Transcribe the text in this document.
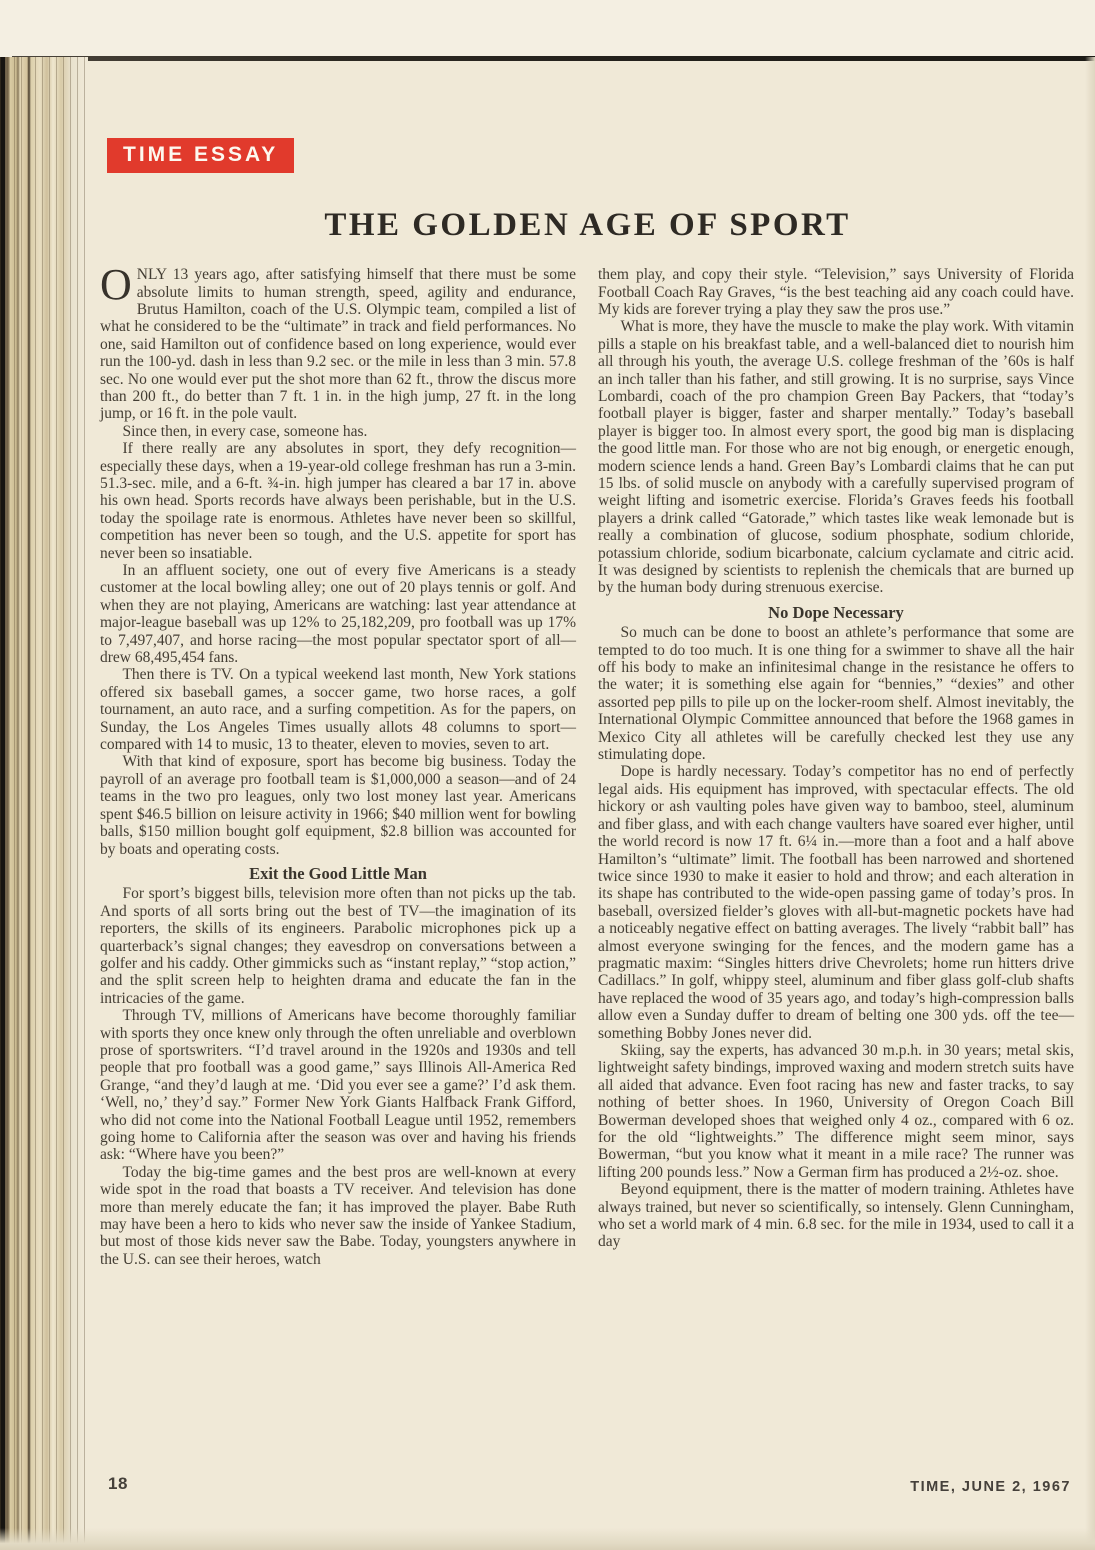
TIME ESSAY
THE GOLDEN AGE OF SPORT

ONLY 13 years ago, after satisfying himself that there must be some absolute limits to human strength, speed, agility and endurance, Brutus Hamilton, coach of the U.S. Olympic team, compiled a list of what he considered to be the “ultimate” in track and field performances. No one, said Hamilton out of confidence based on long experience, would ever run the 100-yd. dash in less than 9.2 sec. or the mile in less than 3 min. 57.8 sec. No one would ever put the shot more than 62 ft., throw the discus more than 200 ft., do better than 7 ft. 1 in. in the high jump, 27 ft. in the long jump, or 16 ft. in the pole vault.

Since then, in every case, someone has.

If there really are any absolutes in sport, they defy recognition—especially these days, when a 19-year-old college freshman has run a 3-min. 51.3-sec. mile, and a 6-ft. ¾-in. high jumper has cleared a bar 17 in. above his own head. Sports records have always been perishable, but in the U.S. today the spoilage rate is enormous. Athletes have never been so skillful, competition has never been so tough, and the U.S. appetite for sport has never been so insatiable.

In an affluent society, one out of every five Americans is a steady customer at the local bowling alley; one out of 20 plays tennis or golf. And when they are not playing, Americans are watching: last year attendance at major-league baseball was up 12% to 25,182,209, pro football was up 17% to 7,497,407, and horse racing—the most popular spectator sport of all—drew 68,495,454 fans.

Then there is TV. On a typical weekend last month, New York stations offered six baseball games, a soccer game, two horse races, a golf tournament, an auto race, and a surfing competition. As for the papers, on Sunday, the Los Angeles Times usually allots 48 columns to sport—compared with 14 to music, 13 to theater, eleven to movies, seven to art.

With that kind of exposure, sport has become big business. Today the payroll of an average pro football team is $1,000,000 a season—and of 24 teams in the two pro leagues, only two lost money last year. Americans spent $46.5 billion on leisure activity in 1966; $40 million went for bowling balls, $150 million bought golf equipment, $2.8 billion was accounted for by boats and operating costs.

Exit the Good Little Man

For sport’s biggest bills, television more often than not picks up the tab. And sports of all sorts bring out the best of TV—the imagination of its reporters, the skills of its engineers. Parabolic microphones pick up a quarterback’s signal changes; they eavesdrop on conversations between a golfer and his caddy. Other gimmicks such as “instant replay,” “stop action,” and the split screen help to heighten drama and educate the fan in the intricacies of the game.

Through TV, millions of Americans have become thoroughly familiar with sports they once knew only through the often unreliable and overblown prose of sportswriters. “I’d travel around in the 1920s and 1930s and tell people that pro football was a good game,” says Illinois All-America Red Grange, “and they’d laugh at me. ‘Did you ever see a game?’ I’d ask them. ‘Well, no,’ they’d say.” Former New York Giants Halfback Frank Gifford, who did not come into the National Football League until 1952, remembers going home to California after the season was over and having his friends ask: “Where have you been?”

Today the big-time games and the best pros are well-known at every wide spot in the road that boasts a TV receiver. And television has done more than merely educate the fan; it has improved the player. Babe Ruth may have been a hero to kids who never saw the inside of Yankee Stadium, but most of those kids never saw the Babe. Today, youngsters anywhere in the U.S. can see their heroes, watch

them play, and copy their style. “Television,” says University of Florida Football Coach Ray Graves, “is the best teaching aid any coach could have. My kids are forever trying a play they saw the pros use.”

What is more, they have the muscle to make the play work. With vitamin pills a staple on his breakfast table, and a well-balanced diet to nourish him all through his youth, the average U.S. college freshman of the ’60s is half an inch taller than his father, and still growing. It is no surprise, says Vince Lombardi, coach of the pro champion Green Bay Packers, that “today’s football player is bigger, faster and sharper mentally.” Today’s baseball player is bigger too. In almost every sport, the good big man is displacing the good little man. For those who are not big enough, or energetic enough, modern science lends a hand. Green Bay’s Lombardi claims that he can put 15 lbs. of solid muscle on anybody with a carefully supervised program of weight lifting and isometric exercise. Florida’s Graves feeds his football players a drink called “Gatorade,” which tastes like weak lemonade but is really a combination of glucose, sodium phosphate, sodium chloride, potassium chloride, sodium bicarbonate, calcium cyclamate and citric acid. It was designed by scientists to replenish the chemicals that are burned up by the human body during strenuous exercise.

No Dope Necessary

So much can be done to boost an athlete’s performance that some are tempted to do too much. It is one thing for a swimmer to shave all the hair off his body to make an infinitesimal change in the resistance he offers to the water; it is something else again for “bennies,” “dexies” and other assorted pep pills to pile up on the locker-room shelf. Almost inevitably, the International Olympic Committee announced that before the 1968 games in Mexico City all athletes will be carefully checked lest they use any stimulating dope.

Dope is hardly necessary. Today’s competitor has no end of perfectly legal aids. His equipment has improved, with spectacular effects. The old hickory or ash vaulting poles have given way to bamboo, steel, aluminum and fiber glass, and with each change vaulters have soared ever higher, until the world record is now 17 ft. 6¼ in.—more than a foot and a half above Hamilton’s “ultimate” limit. The football has been narrowed and shortened twice since 1930 to make it easier to hold and throw; and each alteration in its shape has contributed to the wide-open passing game of today’s pros. In baseball, oversized fielder’s gloves with all-but-magnetic pockets have had a noticeably negative effect on batting averages. The lively “rabbit ball” has almost everyone swinging for the fences, and the modern game has a pragmatic maxim: “Singles hitters drive Chevrolets; home run hitters drive Cadillacs.” In golf, whippy steel, aluminum and fiber glass golf-club shafts have replaced the wood of 35 years ago, and today’s high-compression balls allow even a Sunday duffer to dream of belting one 300 yds. off the tee—something Bobby Jones never did.

Skiing, say the experts, has advanced 30 m.p.h. in 30 years; metal skis, lightweight safety bindings, improved waxing and modern stretch suits have all aided that advance. Even foot racing has new and faster tracks, to say nothing of better shoes. In 1960, University of Oregon Coach Bill Bowerman developed shoes that weighed only 4 oz., compared with 6 oz. for the old “lightweights.” The difference might seem minor, says Bowerman, “but you know what it meant in a mile race? The runner was lifting 200 pounds less.” Now a German firm has produced a 2½-oz. shoe.

Beyond equipment, there is the matter of modern training. Athletes have always trained, but never so scientifically, so intensely. Glenn Cunningham, who set a world mark of 4 min. 6.8 sec. for the mile in 1934, used to call it a day

18	TIME, JUNE 2, 1967
